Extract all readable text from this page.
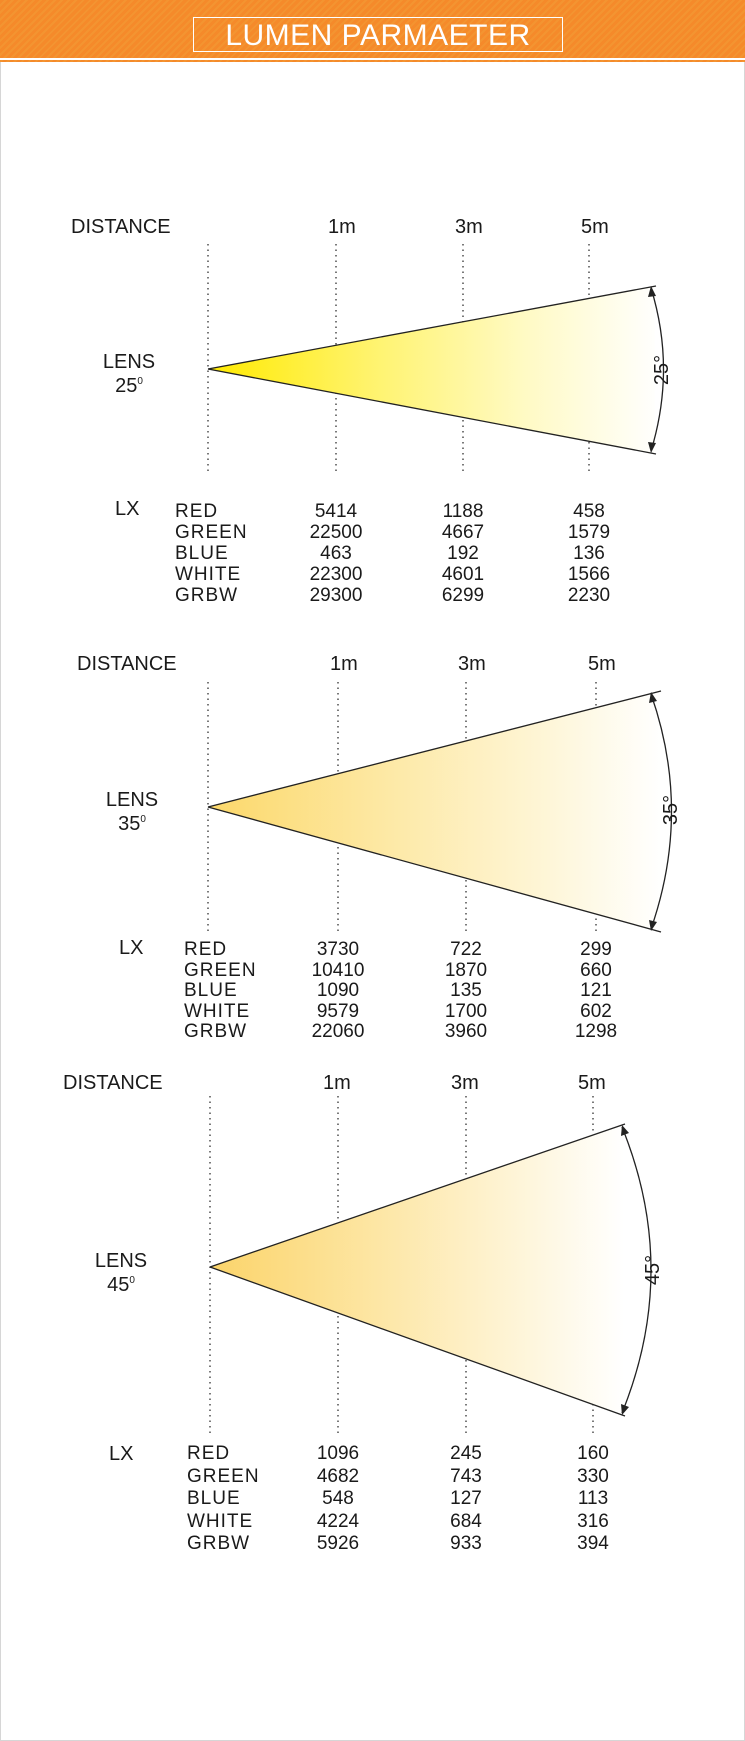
LUMEN PARMAETER
DISTANCE	1m	3m	5m
LENS
$25^0$	25°
LX RED	5414	1188	458
GREEN	22500	4667	1579
BLUE	463	192	136
WHITE	22300	4601	1566
GRBW	29300	6299	2230
DISTANCE	1m	3m	5m
LENS
$35^0$	35°
LX RED	3730	722	299
GREEN	10410	1870	660
BLUE	1090	135	121
WHITE	9579	1700	602
GRBW	22060	3960	1298
DISTANCE	1m	3m	5m
LENS
$45^0$	45°
LX	RED	1096	245	160
GREEN	4682	743	330
BLUE	548	127	113
WHITE	4224	684	316
GRBW	5926	933	394
